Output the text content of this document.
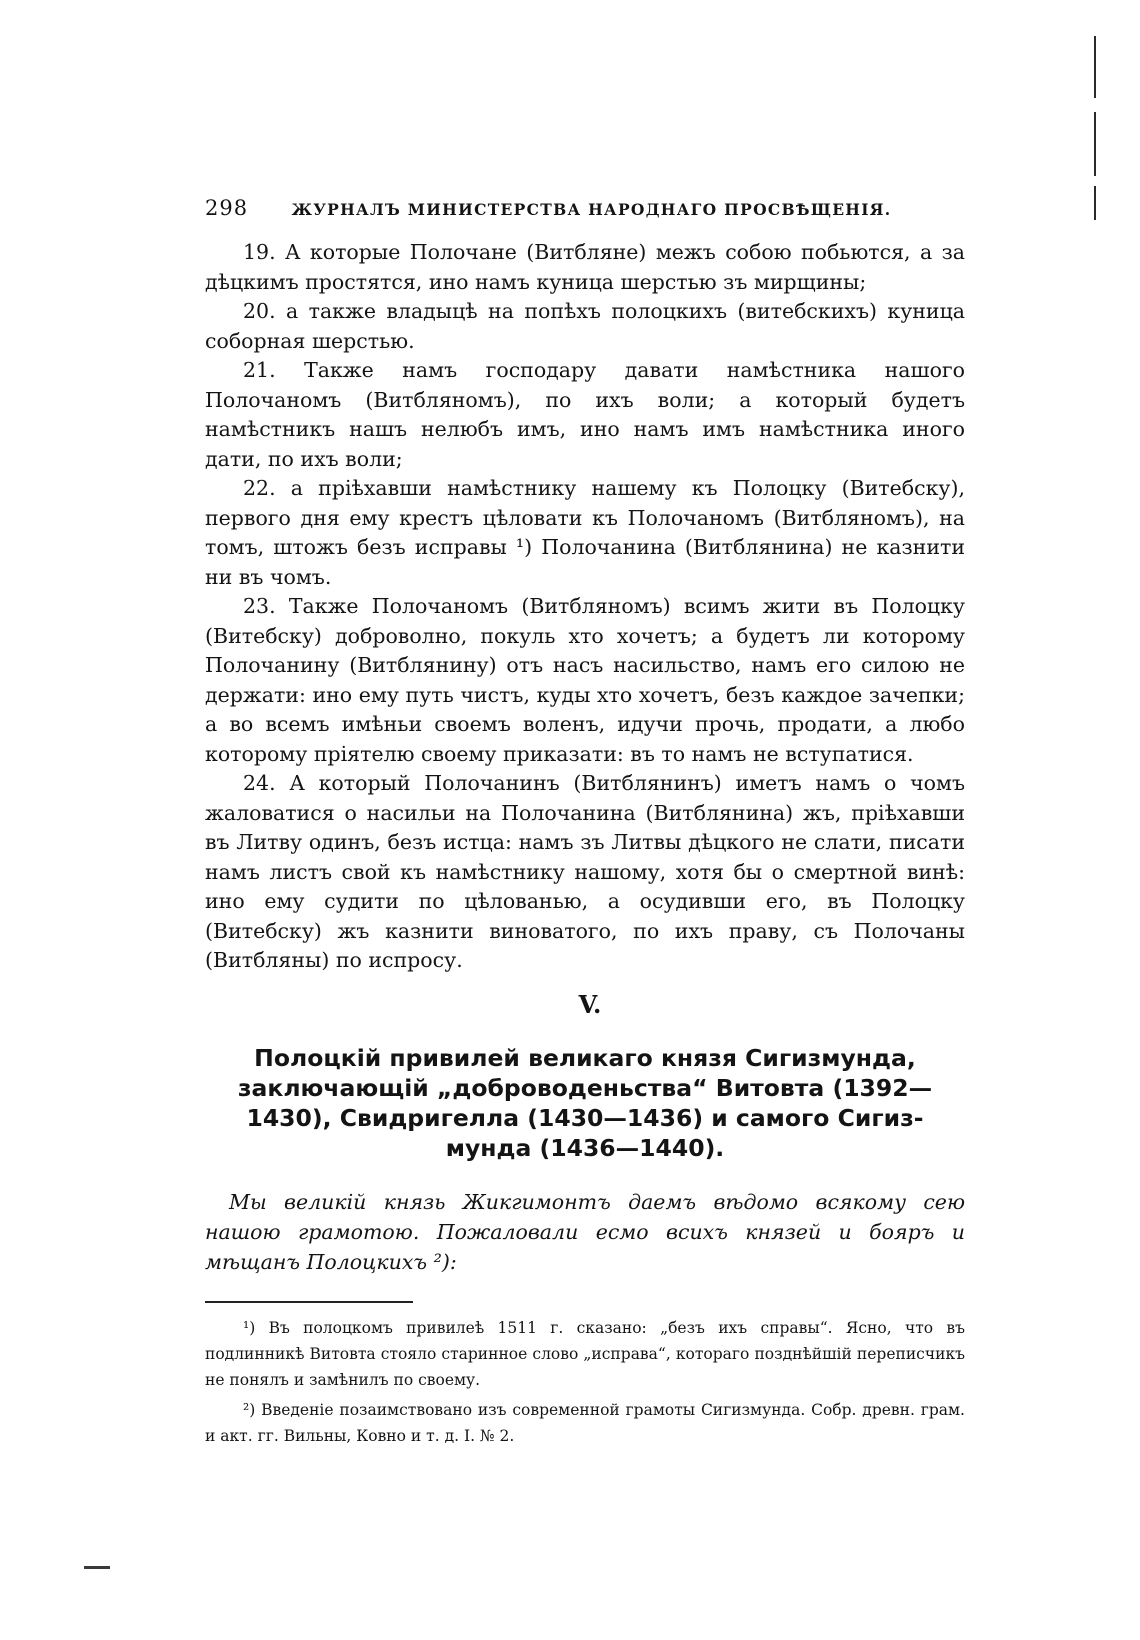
298	ЖУРНАЛЪ МИНИСТЕРСТВА НАРОДНАГО ПРОСВѢЩЕНІЯ.

19. А которые Полочане (Витбляне) межъ собою побьются, а за дѣцкимъ простятся, ино намъ куница шерстью зъ мирщины;

20. а также владыцѣ на попѣхъ полоцкихъ (витебскихъ) куница соборная шерстью.

21. Также намъ господару давати намѣстника нашого Полочаномъ (Витбляномъ), по ихъ воли; а который будетъ намѣстникъ нашъ нелюбъ имъ, ино намъ имъ намѣстника иного дати, по ихъ воли;

22. а пріѣхавши намѣстнику нашему къ Полоцку (Витебску), первого дня ему крестъ цѣловати къ Полочаномъ (Витбляномъ), на томъ, штожъ безъ исправы ¹) Полочанина (Витблянина) не казнити ни въ чомъ.

23. Также Полочаномъ (Витбляномъ) всимъ жити въ Полоцку (Витебску) доброволно, покуль хто хочетъ; а будетъ ли которому Полочанину (Витблянину) отъ насъ насильство, намъ его силою не держати: ино ему путь чистъ, куды хто хочетъ, безъ каждое зачепки; а во всемъ имѣньи своемъ воленъ, идучи прочь, продати, а любо которому пріятелю своему приказати: въ то намъ не вступатися.

24. А который Полочанинъ (Витблянинъ) иметъ намъ о чомъ жаловатися о насильи на Полочанина (Витблянина) жъ, пріѣхавши въ Литву одинъ, безъ истца: намъ зъ Литвы дѣцкого не слати, писати намъ листъ свой къ намѣстнику нашому, хотя бы о смертной винѣ: ино ему судити по цѣлованью, а осудивши его, въ Полоцку (Витебску) жъ казнити виноватого, по ихъ праву, съ Полочаны (Витбляны) по испросу.

V.
Полоцкій привилей великаго князя Сигизмунда,
заключающій „доброводеньства“ Витовта (1392—
1430), Свидригелла (1430—1436) и самого Сигиз-
мунда (1436—1440).

Мы великій князь Жикгимонтъ даемъ вѣдомо всякому сею нашою грамотою. Пожаловали есмо всихъ князей и бояръ и мѣщанъ Полоцкихъ ²):

¹) Въ полоцкомъ привилеѣ 1511 г. сказано: „безъ ихъ справы“. Ясно, что въ подлинникѣ Витовта стояло старинное слово „исправа“, котораго позднѣйшій переписчикъ не понялъ и замѣнилъ по своему.

²) Введеніе позаимствовано изъ современной грамоты Сигизмунда. Собр. древн. грам. и акт. гг. Вильны, Ковно и т. д. I. № 2.
